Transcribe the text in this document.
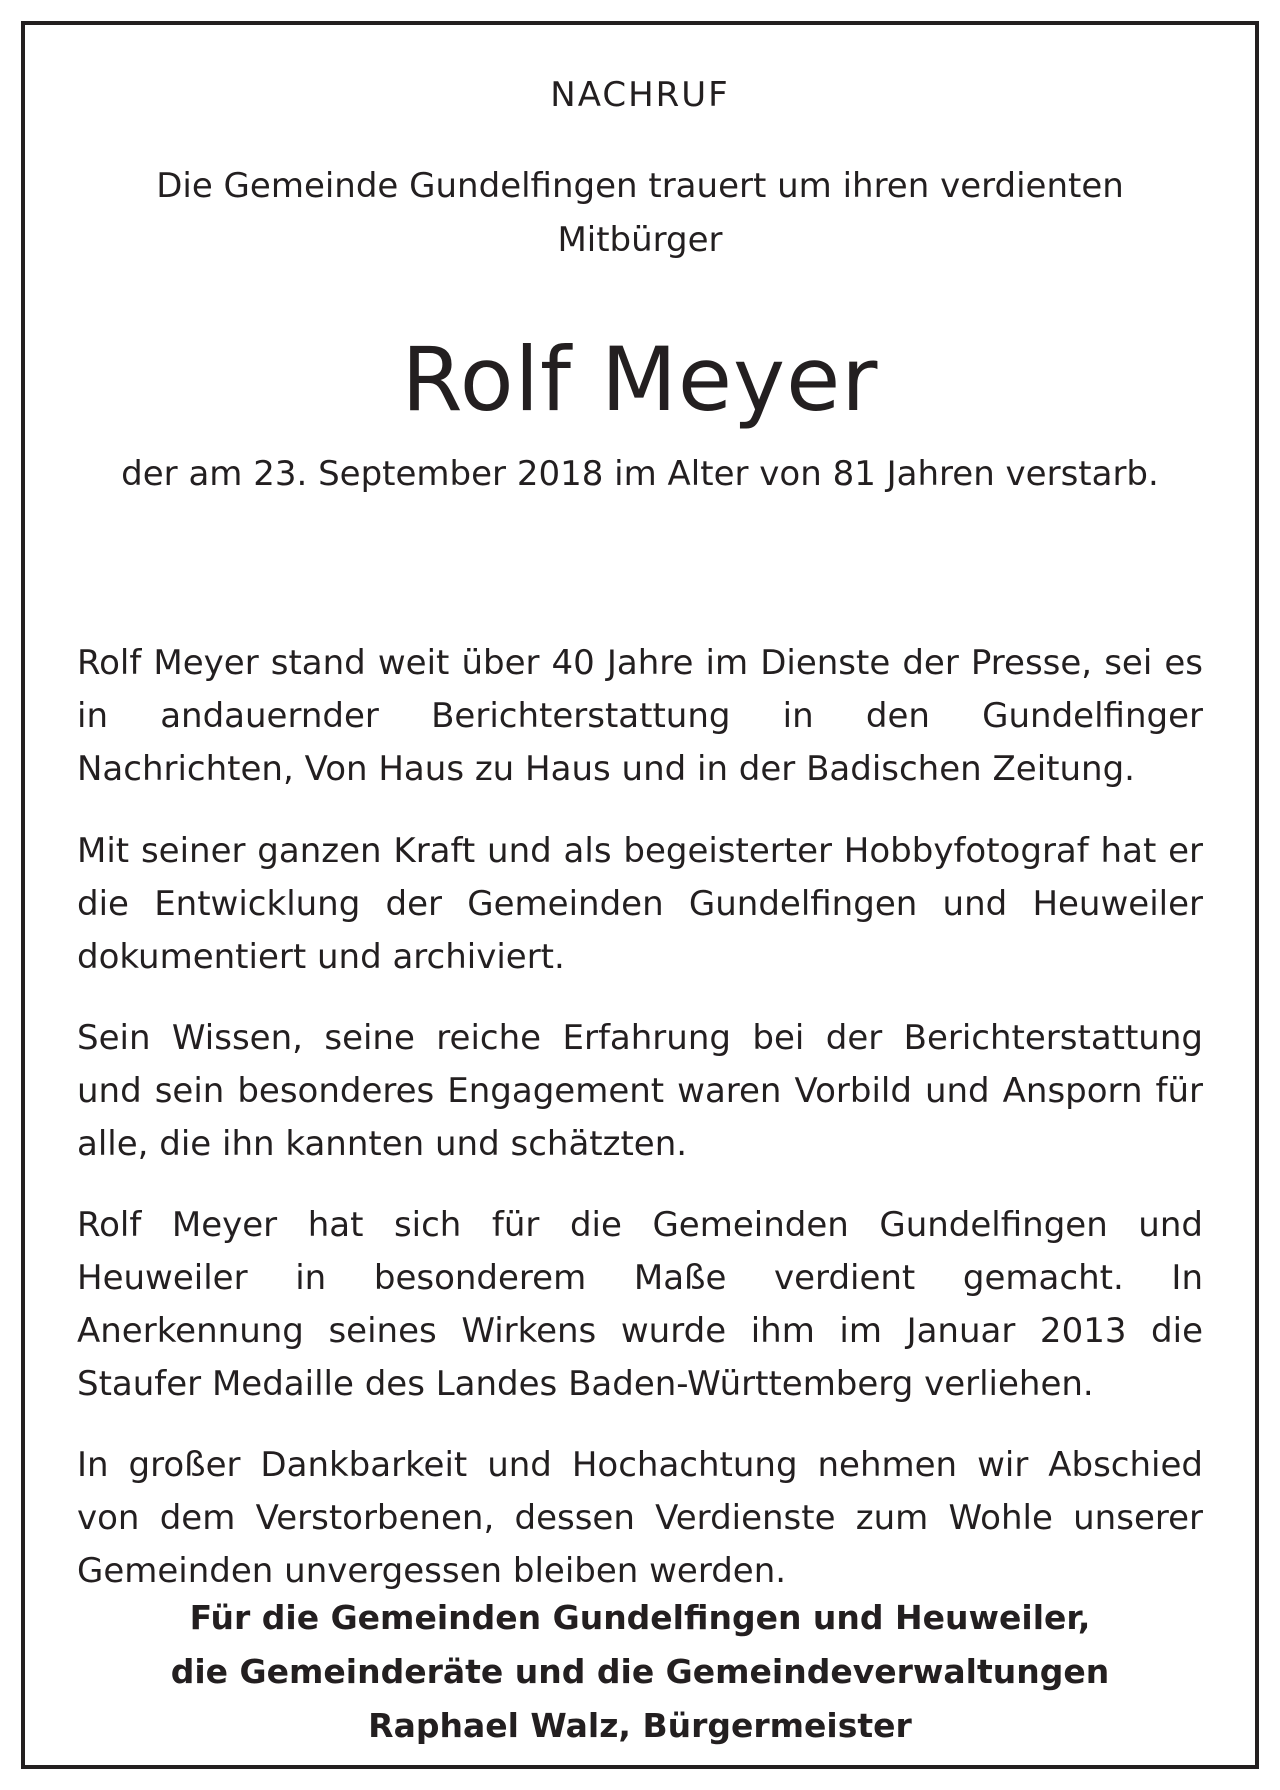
NACHRUF
Die Gemeinde Gundelfingen trauert um ihren verdienten Mitbürger
Rolf Meyer
der am 23. September 2018 im Alter von 81 Jahren verstarb.

Rolf Meyer stand weit über 40 Jahre im Dienste der Presse, sei es in andauernder Berichterstattung in den Gundelfinger Nachrichten, Von Haus zu Haus und in der Badischen Zeitung.

Mit seiner ganzen Kraft und als begeisterter Hobbyfotograf hat er die Entwicklung der Gemeinden Gundelfingen und Heuweiler dokumentiert und archiviert.

Sein Wissen, seine reiche Erfahrung bei der Berichterstattung und sein besonderes Engagement waren Vorbild und Ansporn für alle, die ihn kannten und schätzten.

Rolf Meyer hat sich für die Gemeinden Gundelfingen und Heuweiler in besonderem Maße verdient gemacht. In Anerkennung seines Wirkens wurde ihm im Januar 2013 die Staufer Medaille des Landes Baden-Württemberg verliehen.

In großer Dankbarkeit und Hochachtung nehmen wir Abschied von dem Verstorbenen, dessen Verdienste zum Wohle unserer Gemeinden unvergessen bleiben werden.

Für die Gemeinden Gundelfingen und Heuweiler,
die Gemeinderäte und die Gemeindeverwaltungen
Raphael Walz, Bürgermeister
